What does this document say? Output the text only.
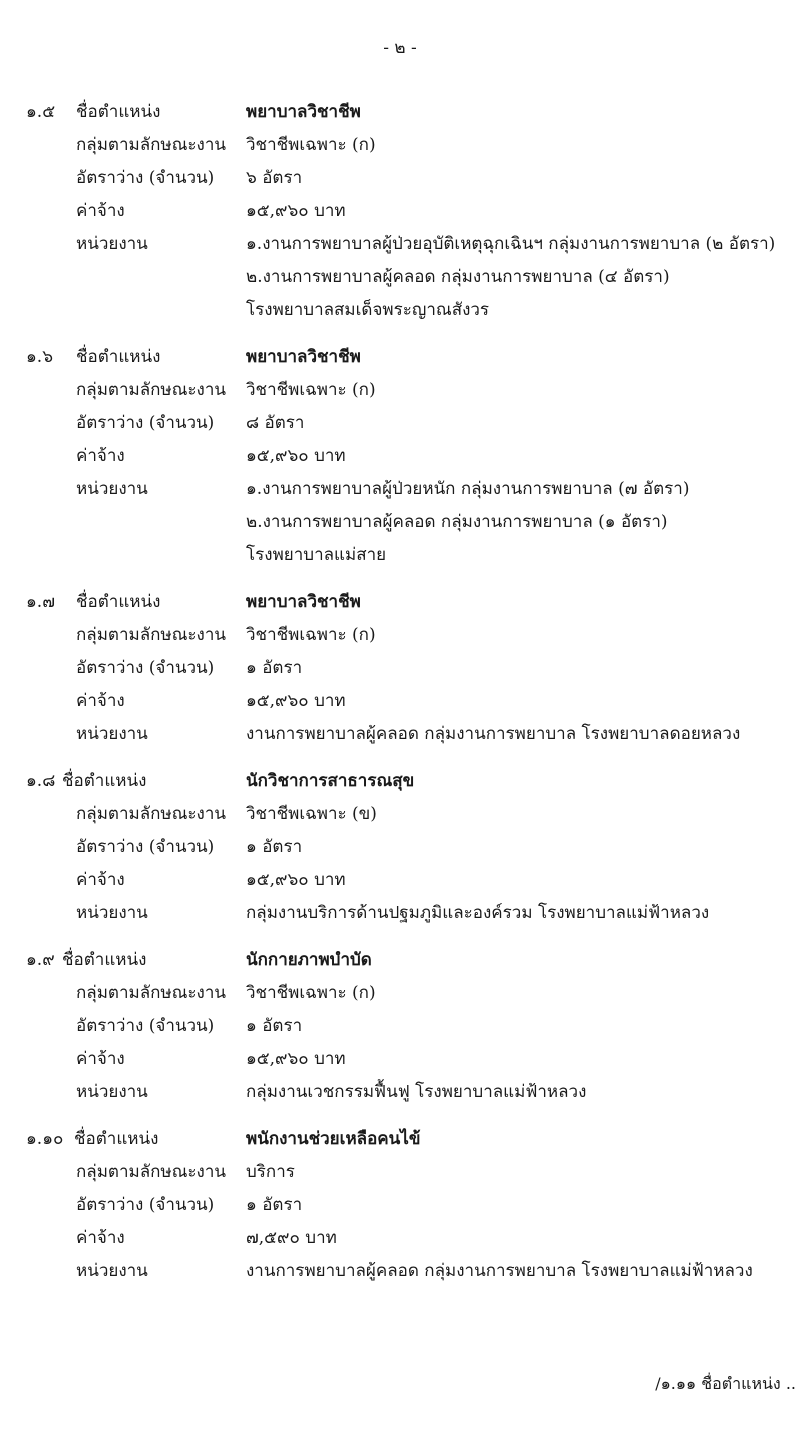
- ๒ -
๑.๕ ชื่อตำแหน่ง	พยาบาลวิชาชีพ
กลุ่มตามลักษณะงาน วิชาชีพเฉพาะ (ก)
อัตราว่าง (จำนวน) ๖ อัตรา
ค่าจ้าง	๑๕,๙๖๐ บาท
หน่วยงาน	๑.งานการพยาบาลผู้ป่วยอุบัติเหตุฉุกเฉินฯ กลุ่มงานการพยาบาล (๒ อัตรา)
๒.งานการพยาบาลผู้คลอด กลุ่มงานการพยาบาล (๔ อัตรา)
โรงพยาบาลสมเด็จพระญาณสังวร
๑.๖ ชื่อตำแหน่ง	พยาบาลวิชาชีพ
กลุ่มตามลักษณะงาน วิชาชีพเฉพาะ (ก)
อัตราว่าง (จำนวน) ๘ อัตรา
ค่าจ้าง	๑๕,๙๖๐ บาท
หน่วยงาน	๑.งานการพยาบาลผู้ป่วยหนัก กลุ่มงานการพยาบาล (๗ อัตรา)
๒.งานการพยาบาลผู้คลอด กลุ่มงานการพยาบาล (๑ อัตรา)
โรงพยาบาลแม่สาย
๑.๗ ชื่อตำแหน่ง	พยาบาลวิชาชีพ
กลุ่มตามลักษณะงาน วิชาชีพเฉพาะ (ก)
อัตราว่าง (จำนวน) ๑ อัตรา
ค่าจ้าง	๑๕,๙๖๐ บาท
หน่วยงาน	งานการพยาบาลผู้คลอด กลุ่มงานการพยาบาล โรงพยาบาลดอยหลวง
๑.๘ ชื่อตำแหน่ง	นักวิชาการสาธารณสุข
กลุ่มตามลักษณะงาน วิชาชีพเฉพาะ (ข)
อัตราว่าง (จำนวน) ๑ อัตรา
ค่าจ้าง	๑๕,๙๖๐ บาท
หน่วยงาน	กลุ่มงานบริการด้านปฐมภูมิและองค์รวม โรงพยาบาลแม่ฟ้าหลวง
๑.๙ ชื่อตำแหน่ง	นักกายภาพบำบัด
กลุ่มตามลักษณะงาน วิชาชีพเฉพาะ (ก)
อัตราว่าง (จำนวน) ๑ อัตรา
ค่าจ้าง	๑๕,๙๖๐ บาท
หน่วยงาน	กลุ่มงานเวชกรรมฟื้นฟู โรงพยาบาลแม่ฟ้าหลวง
๑.๑๐ ชื่อตำแหน่ง	พนักงานช่วยเหลือคนไข้
กลุ่มตามลักษณะงาน บริการ
อัตราว่าง (จำนวน) ๑ อัตรา
ค่าจ้าง	๗,๕๙๐ บาท
หน่วยงาน	งานการพยาบาลผู้คลอด กลุ่มงานการพยาบาล โรงพยาบาลแม่ฟ้าหลวง
/๑.๑๑ ชื่อตำแหน่ง ..
